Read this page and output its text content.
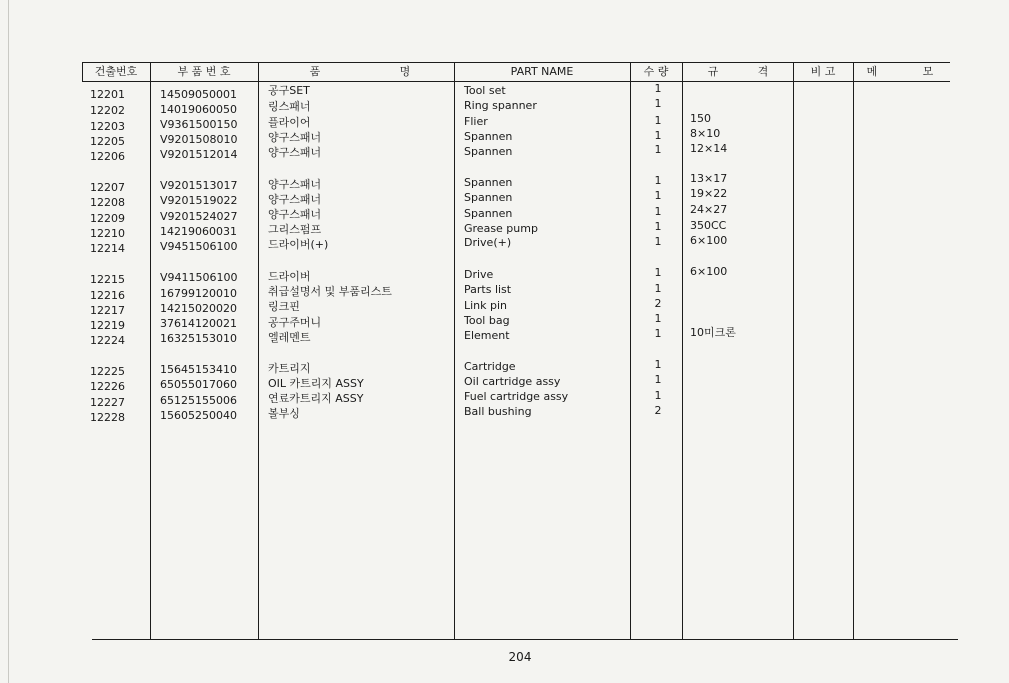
건출번호	부 품 번 호	품	명	PART NAME	수 량	규	격	비 고	메	모
12201	14509050001	공구SET	Tool set	1
12202	14019060050	링스패너	Ring spanner	1
12203	V9361500150	플라이어	Flier	1	150
12205	V9201508010	양구스패너	Spannen	1	8×10
12206	V9201512014	양구스패너	Spannen	1	12×14
12207	V9201513017	양구스패너	Spannen	1	13×17
12208	V9201519022	양구스패너	Spannen	1	19×22
12209	V9201524027	양구스패너	Spannen	1	24×27
12210	14219060031	그리스펌프	Grease pump	1	350CC
12214	V9451506100	드라이버(+)	Drive(+)	1	6×100
12215	V9411506100	드라이버	Drive	1	6×100
12216	16799120010	취급설명서 및 부품리스트	Parts list	1
12217	14215020020	링크핀	Link pin	2
12219	37614120021	공구주머니	Tool bag	1
12224	16325153010	엘레멘트	Element	1	10미크론
12225	15645153410	카트리지	Cartridge	1
12226	65055017060	OIL 카트리지 ASSY	Oil cartridge assy	1
12227	65125155006	연료카트리지 ASSY	Fuel cartridge assy	1
12228	15605250040	볼부싱	Ball bushing	2
204
